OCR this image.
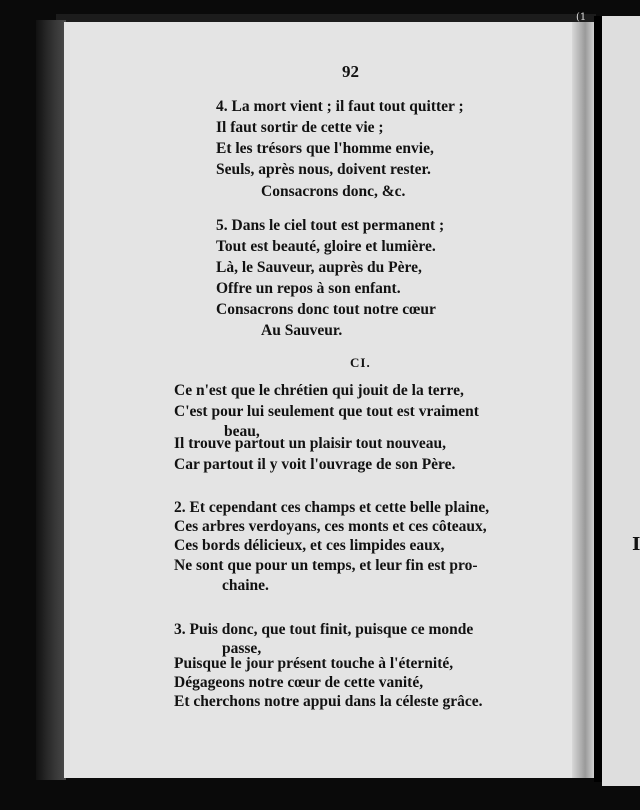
I
(1
92
4. La mort vient ; il faut tout quitter ;
Il faut sortir de cette vie ;
Et les trésors que l'homme envie,
Seuls, après nous, doivent rester.
Consacrons donc, &c.
5. Dans le ciel tout est permanent ;
Tout est beauté, gloire et lumière.
Là, le Sauveur, auprès du Père,
Offre un repos à son enfant.
Consacrons donc tout notre cœur
Au Sauveur.
CI.
Ce n'est que le chrétien qui jouit de la terre,
C'est pour lui seulement que tout est vraiment
beau,
Il trouve partout un plaisir tout nouveau,
Car partout il y voit l'ouvrage de son Père.
2. Et cependant ces champs et cette belle plaine,
Ces arbres verdoyans, ces monts et ces côteaux,
Ces bords délicieux, et ces limpides eaux,
Ne sont que pour un temps, et leur fin est pro-
chaine.
3. Puis donc, que tout finit, puisque ce monde
passe,
Puisque le jour présent touche à l'éternité,
Dégageons notre cœur de cette vanité,
Et cherchons notre appui dans la céleste grâce.
